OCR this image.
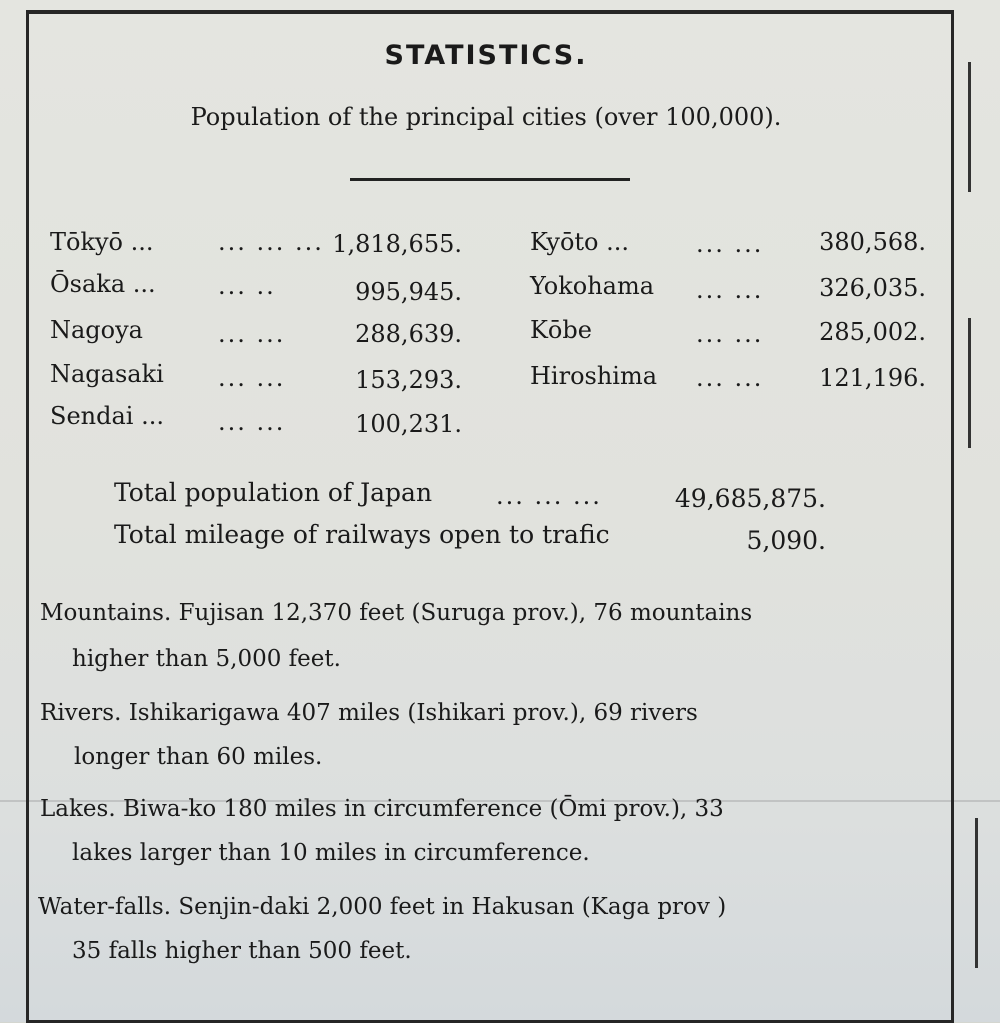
STATISTICS.
Population of the principal cities (over 100,000).
Tōkyō ...	... ... ... 1,818,655.
Ōsaka ...	... ..	995,945.
Nagoya	... ...	288,639.
Nagasaki ... ...	153,293.
Sendai ... ... ...	100,231.
Kyōto ...	... ...	380,568.
Yokohama ... ...	326,035.
Kōbe	... ...	285,002.
Hiroshima ... ...	121,196.
Total population of Japan	... ... ...	49,685,875.
Total mileage of railways open to trafic	5,090.
Mountains. Fujisan 12,370 feet (Suruga prov.), 76 mountains
higher than 5,000 feet.
Rivers. Ishikarigawa 407 miles (Ishikari prov.), 69 rivers
longer than 60 miles.
Lakes. Biwa-ko 180 miles in circumference (Ōmi prov.), 33
lakes larger than 10 miles in circumference.
Water-falls. Senjin-daki 2,000 feet in Hakusan (Kaga prov )
35 falls higher than 500 feet.
